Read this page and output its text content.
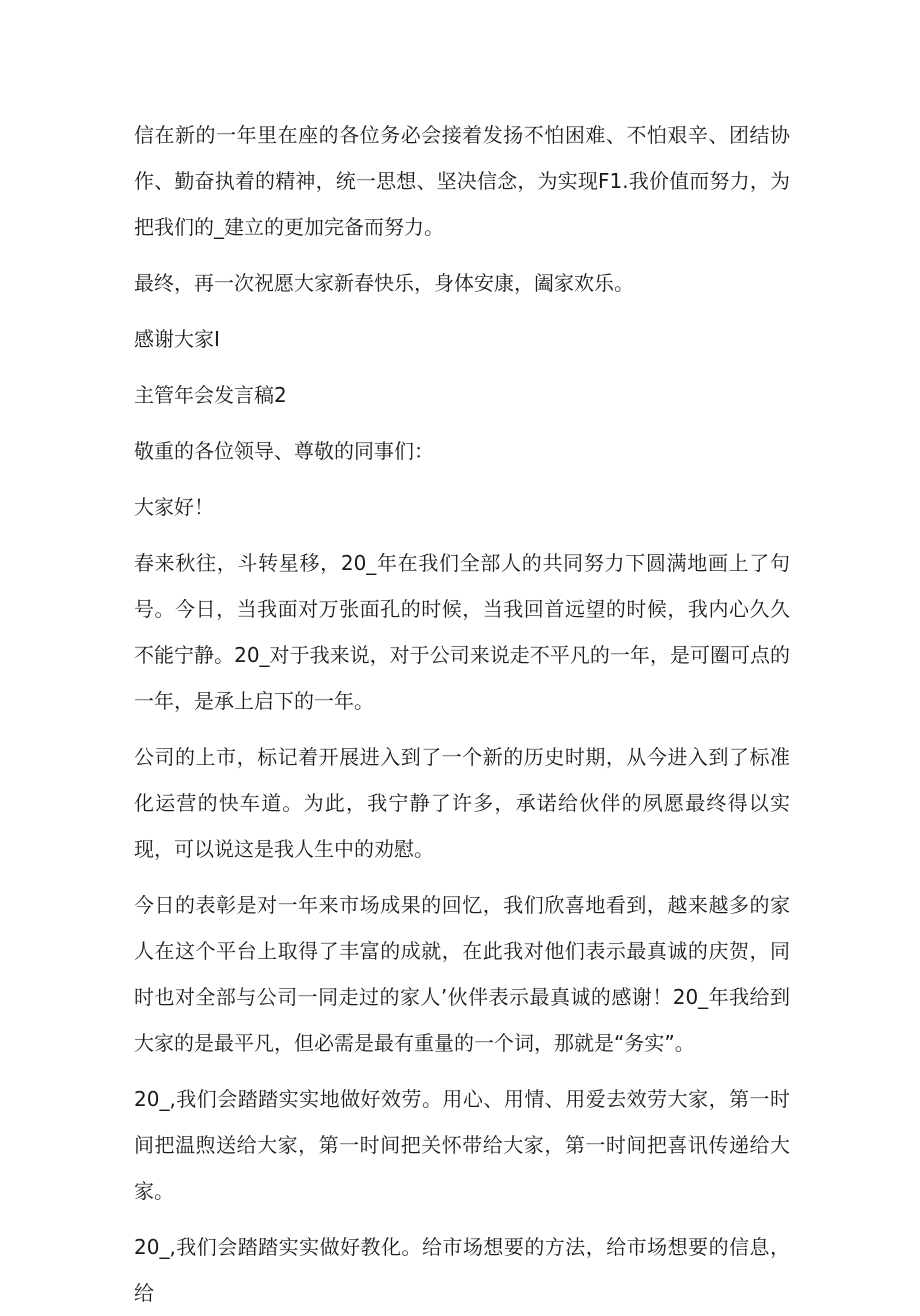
信在新的一年里在座的各位务必会接着发扬不怕困难、不怕艰辛、团结协作、勤奋执着的精神，统一思想、坚决信念，为实现F1.我价值而努力，为把我们的_建立的更加完备而努力。

最终，再一次祝愿大家新春快乐，身体安康，阖家欢乐。

感谢大家I

主管年会发言稿2

敬重的各位领导、尊敬的同事们：

大家好！

春来秋往，斗转星移，20_年在我们全部人的共同努力下圆满地画上了句号。今日，当我面对万张面孔的时候，当我回首远望的时候，我内心久久不能宁静。20_对于我来说，对于公司来说走不平凡的一年，是可圈可点的一年，是承上启下的一年。

公司的上市，标记着开展进入到了一个新的历史时期，从今进入到了标准化运营的快车道。为此，我宁静了许多，承诺给伙伴的夙愿最终得以实现，可以说这是我人生中的劝慰。

今日的表彰是对一年来市场成果的回忆，我们欣喜地看到，越来越多的家人在这个平台上取得了丰富的成就，在此我对他们表示最真诚的庆贺，同时也对全部与公司一同走过的家人’伙伴表示最真诚的感谢！20_年我给到大家的是最平凡，但必需是最有重量的一个词，那就是“务实”。

20_,我们会踏踏实实地做好效劳。用心、用情、用爱去效劳大家，第一时间把温煦送给大家，第一时间把关怀带给大家，第一时间把喜讯传递给大家。

20_,我们会踏踏实实做好教化。给市场想要的方法，给市场想要的信息，给
